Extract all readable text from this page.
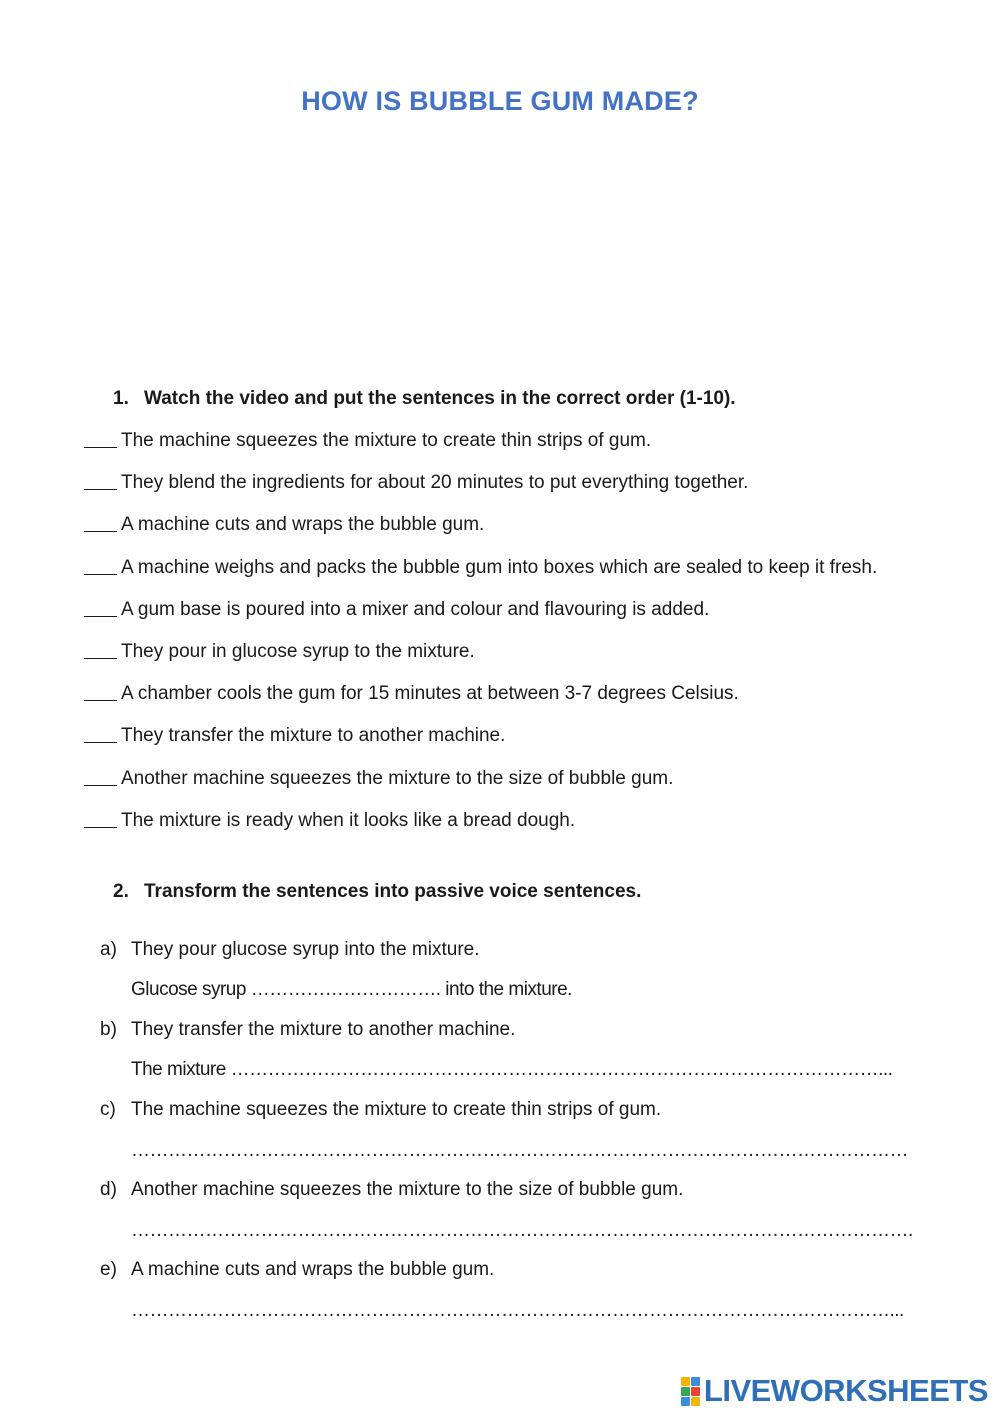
HOW IS BUBBLE GUM MADE?
1. Watch the video and put the sentences in the correct order (1-10).
The machine squeezes the mixture to create thin strips of gum.
They blend the ingredients for about 20 minutes to put everything together.
A machine cuts and wraps the bubble gum.
A machine weighs and packs the bubble gum into boxes which are sealed to keep it fresh.
A gum base is poured into a mixer and colour and flavouring is added.
They pour in glucose syrup to the mixture.
A chamber cools the gum for 15 minutes at between 3-7 degrees Celsius.
They transfer the mixture to another machine.
Another machine squeezes the mixture to the size of bubble gum.
The mixture is ready when it looks like a bread dough.
2. Transform the sentences into passive voice sentences.
a) They pour glucose syrup into the mixture.
Glucose syrup …………………………. into the mixture.
b) They transfer the mixture to another machine.
The mixture ……………………………………………………………………………………………...
c) The machine squeezes the mixture to create thin strips of gum.
………………………………………………………………………………………………………………
d) Another machine squeezes the mixture to the size of bubble gum.
……………………………………………………………………………………………………………….
e) A machine cuts and wraps the bubble gum.
……………………………………………………………………………………………………………...
LIVEWORKSHEETS
